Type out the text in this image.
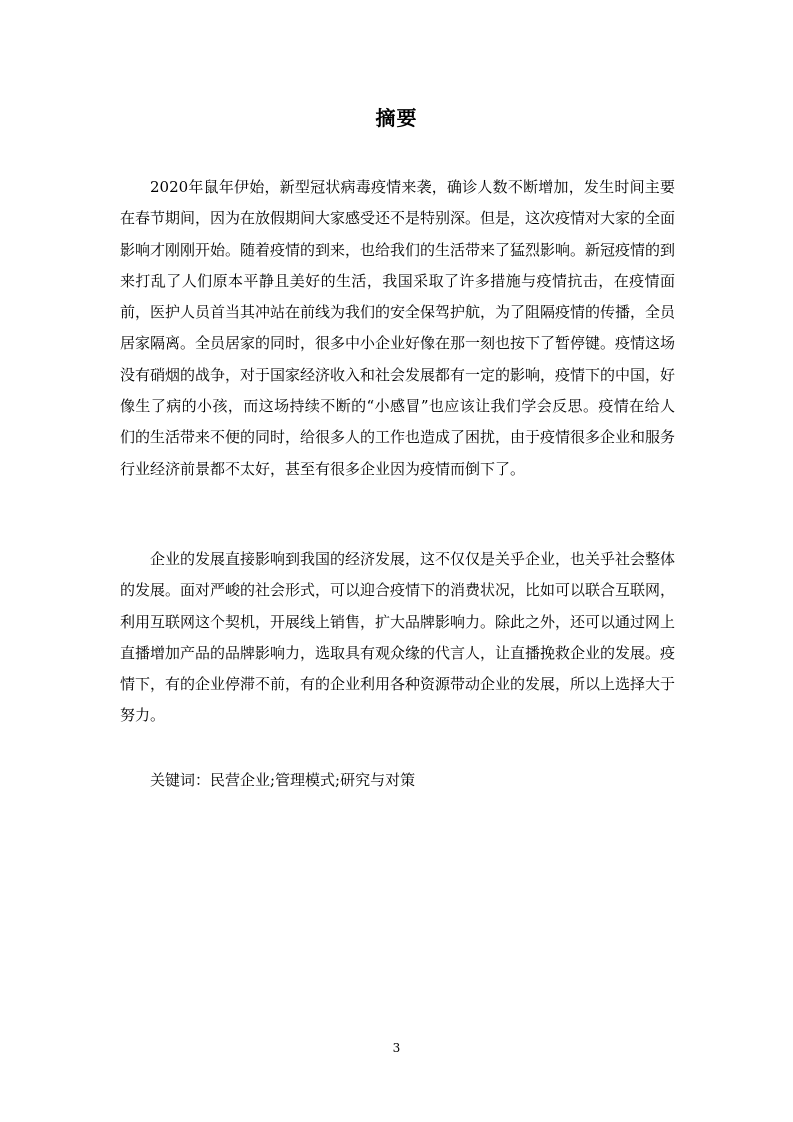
摘要
2020年鼠年伊始，新型冠状病毒疫情来袭，确诊人数不断增加，发生时间主要在春节期间，因为在放假期间大家感受还不是特别深。但是，这次疫情对大家的全面影响才刚刚开始。随着疫情的到来，也给我们的生活带来了猛烈影响。新冠疫情的到来打乱了人们原本平静且美好的生活，我国采取了许多措施与疫情抗击，在疫情面前，医护人员首当其冲站在前线为我们的安全保驾护航，为了阻隔疫情的传播，全员居家隔离。全员居家的同时，很多中小企业好像在那一刻也按下了暂停键。疫情这场没有硝烟的战争，对于国家经济收入和社会发展都有一定的影响，疫情下的中国，好像生了病的小孩，而这场持续不断的“小感冒”也应该让我们学会反思。疫情在给人们的生活带来不便的同时，给很多人的工作也造成了困扰，由于疫情很多企业和服务行业经济前景都不太好，甚至有很多企业因为疫情而倒下了。
企业的发展直接影响到我国的经济发展，这不仅仅是关乎企业，也关乎社会整体的发展。面对严峻的社会形式，可以迎合疫情下的消费状况，比如可以联合互联网，利用互联网这个契机，开展线上销售，扩大品牌影响力。除此之外，还可以通过网上直播增加产品的品牌影响力，选取具有观众缘的代言人，让直播挽救企业的发展。疫情下，有的企业停滞不前，有的企业利用各种资源带动企业的发展，所以上选择大于努力。
关键词：民营企业;管理模式;研究与对策
3
